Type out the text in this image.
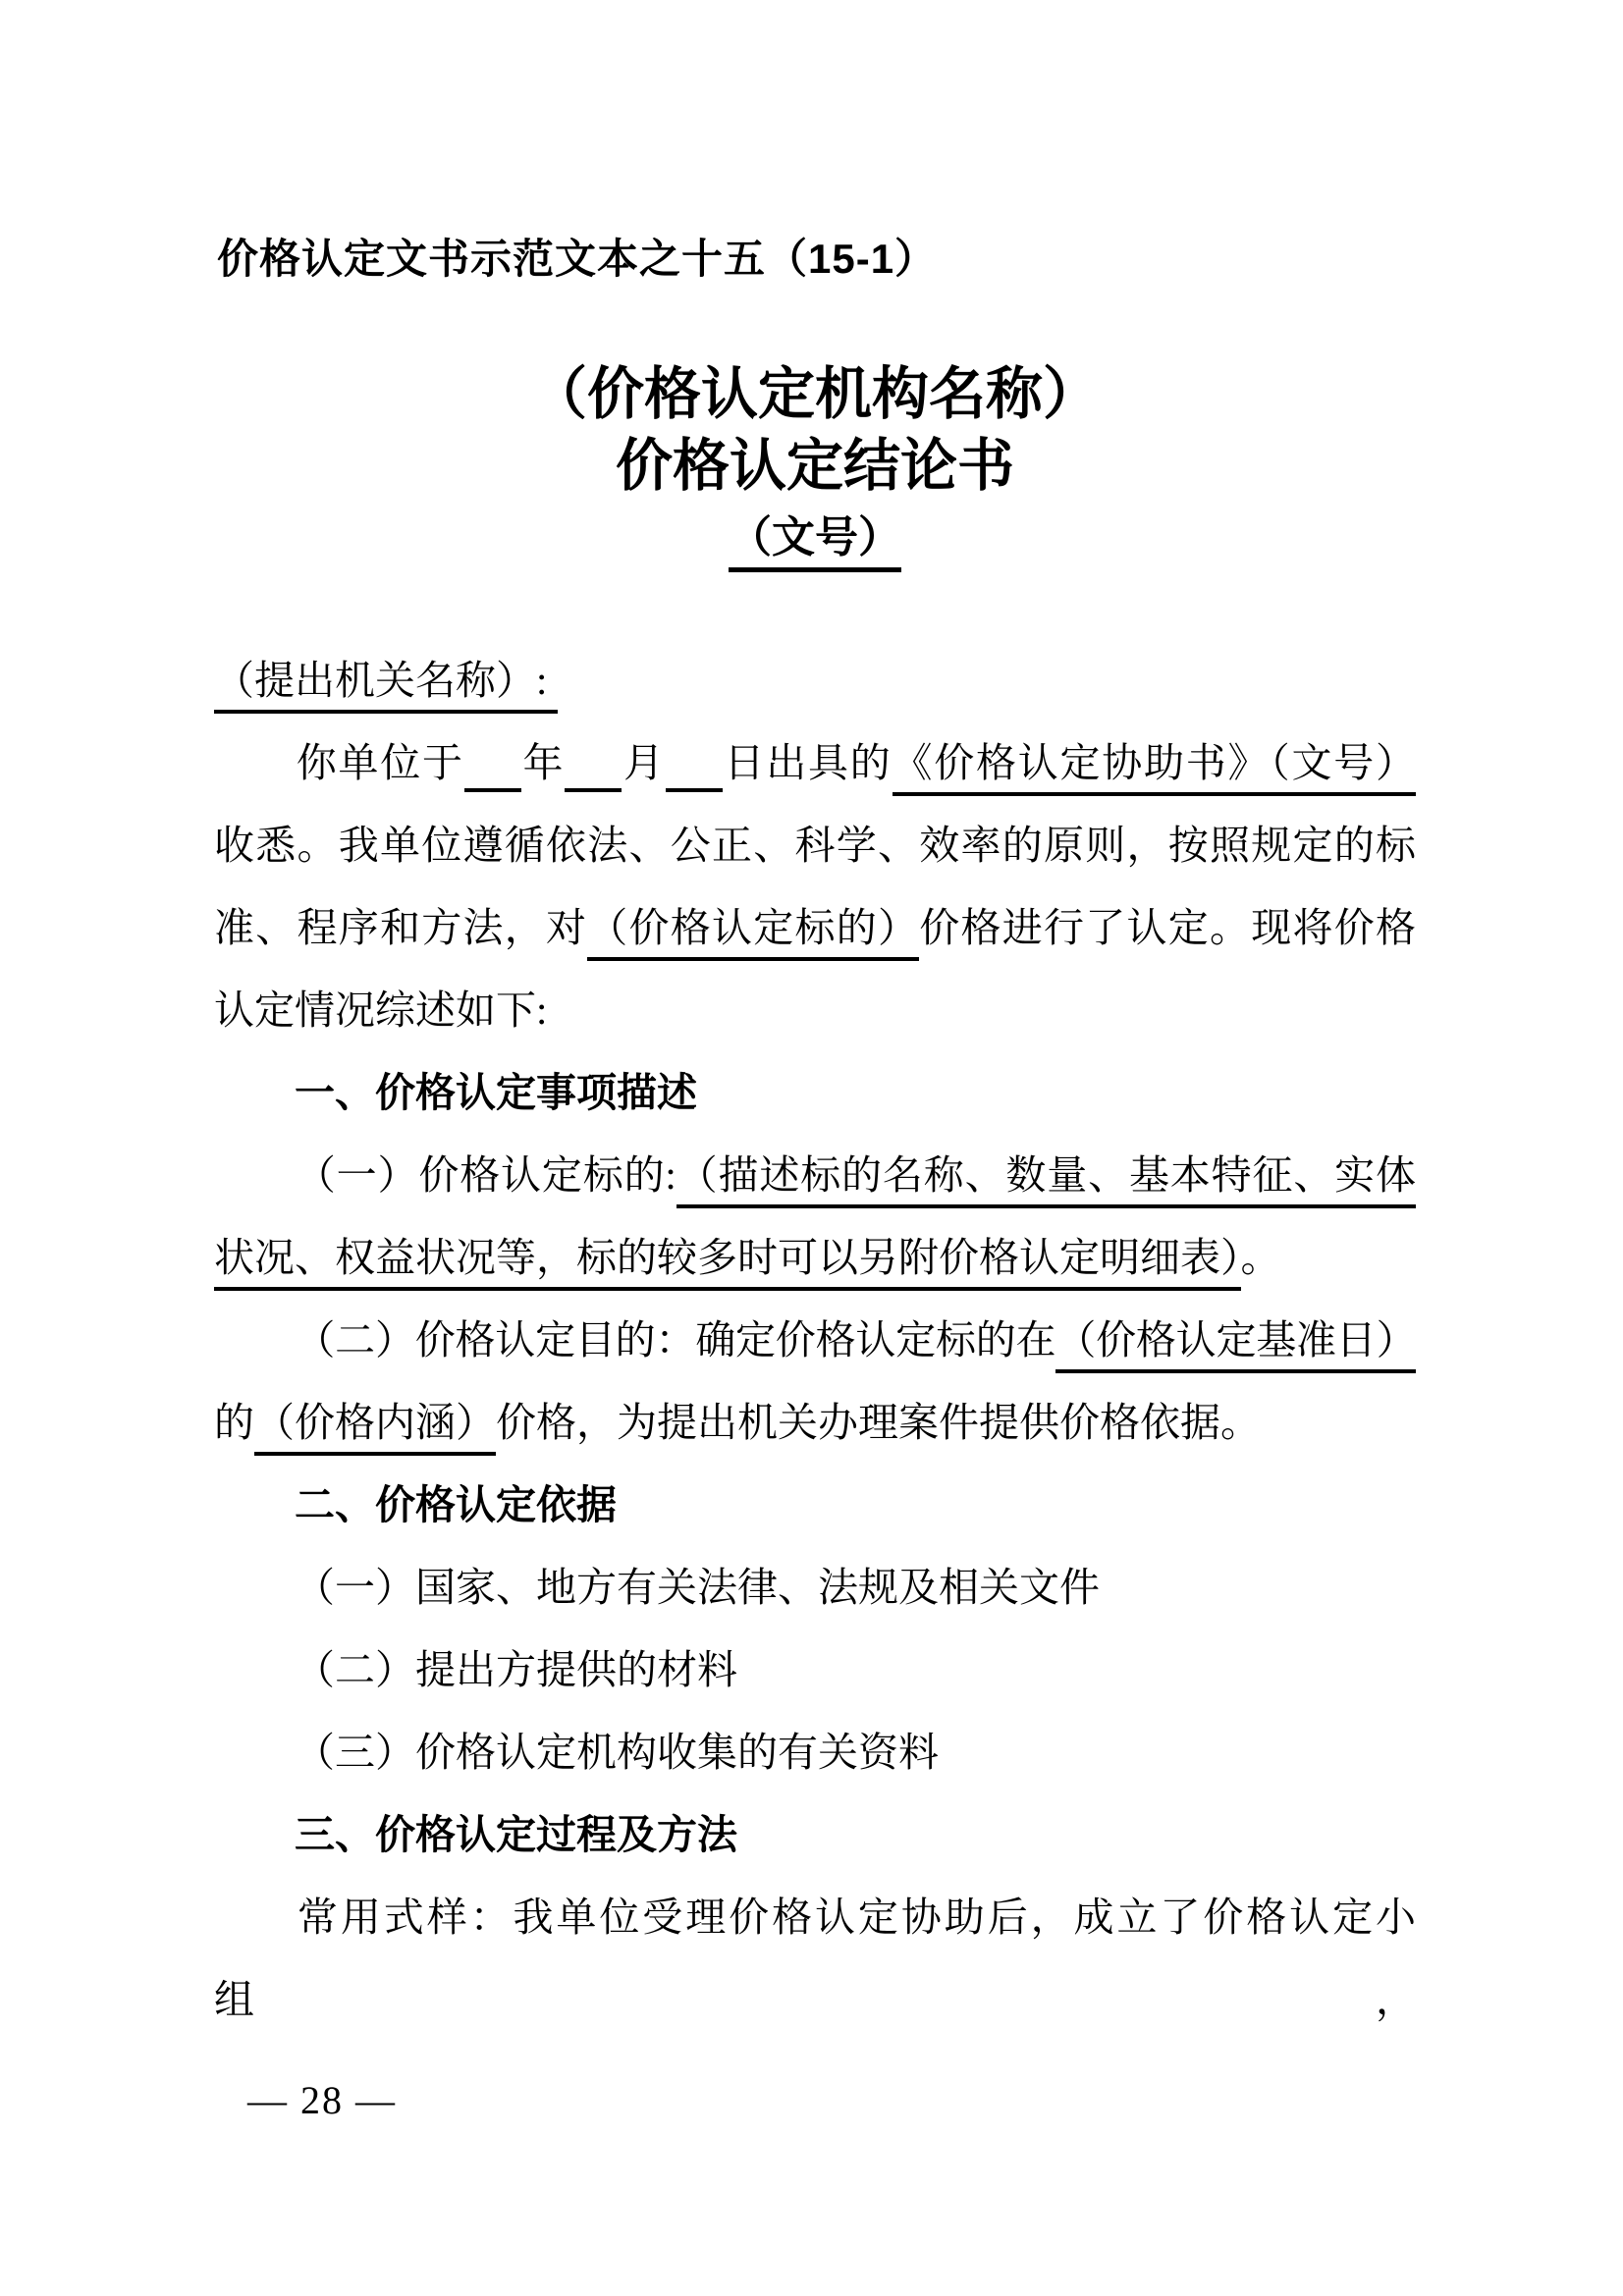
价格认定文书示范文本之十五（15-1）
（价格认定机构名称）
价格认定结论书
（文号）
（提出机关名称）:
你单位于 年 月 日出具的《价格认定协助书》（文号）
收悉。我单位遵循依法、公正、科学、效率的原则，按照规定的标
准、程序和方法，对（价格认定标的）价格进行了认定。现将价格
认定情况综述如下:
一、价格认定事项描述
（一）价格认定标的:（描述标的名称、数量、基本特征、实体
状况、权益状况等，标的较多时可以另附价格认定明细表）。
（二）价格认定目的：确定价格认定标的在（价格认定基准日）
的（价格内涵）价格，为提出机关办理案件提供价格依据。
二、价格认定依据
（一）国家、地方有关法律、法规及相关文件
（二）提出方提供的材料
（三）价格认定机构收集的有关资料
三、价格认定过程及方法
常用式样：我单位受理价格认定协助后，成立了价格认定小组，
— 28 —
